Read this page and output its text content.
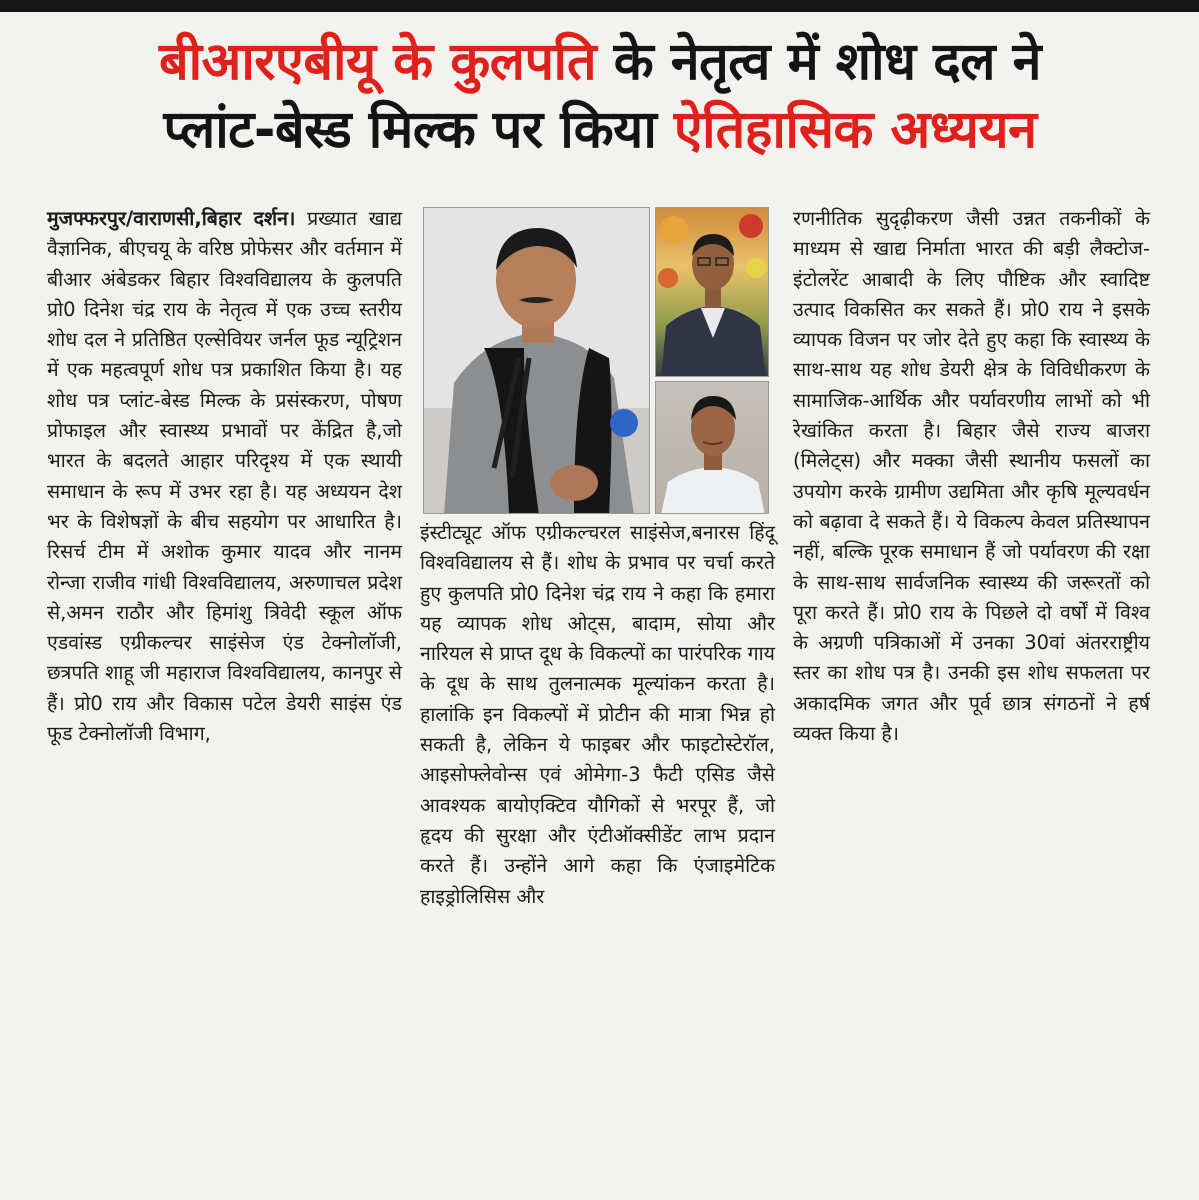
बीआरएबीयू के कुलपति के नेतृत्व में शोध दल ने
प्लांट-बेस्ड मिल्क पर किया ऐतिहासिक अध्ययन

मुजफ्फरपुर/वाराणसी,बिहार दर्शन। प्रख्यात खाद्य वैज्ञानिक, बीएचयू के वरिष्ठ प्रोफेसर और वर्तमान में बीआर अंबेडकर बिहार विश्वविद्यालय के कुलपति प्रो0 दिनेश चंद्र राय के नेतृत्व में एक उच्च स्तरीय शोध दल ने प्रतिष्ठित एल्सेवियर जर्नल फूड न्यूट्रिशन में एक महत्वपूर्ण शोध पत्र प्रकाशित किया है। यह शोध पत्र प्लांट-बेस्ड मिल्क के प्रसंस्करण, पोषण प्रोफाइल और स्वास्थ्य प्रभावों पर केंद्रित है,जो भारत के बदलते आहार परिदृश्य में एक स्थायी समाधान के रूप में उभर रहा है। यह अध्ययन देश भर के विशेषज्ञों के बीच सहयोग पर आधारित है। रिसर्च टीम में अशोक कुमार यादव और नानम रोन्जा राजीव गांधी विश्वविद्यालय, अरुणाचल प्रदेश से,अमन राठौर और हिमांशु त्रिवेदी स्कूल ऑफ एडवांस्ड एग्रीकल्चर साइंसेज एंड टेक्नोलॉजी, छत्रपति शाहू जी महाराज विश्वविद्यालय, कानपुर से हैं। प्रो0 राय और विकास पटेल डेयरी साइंस एंड फूड टेक्नोलॉजी विभाग,

इंस्टीट्यूट ऑफ एग्रीकल्चरल साइंसेज,बनारस हिंदू विश्वविद्यालय से हैं। शोध के प्रभाव पर चर्चा करते हुए कुलपति प्रो0 दिनेश चंद्र राय ने कहा कि हमारा यह व्यापक शोध ओट्स, बादाम, सोया और नारियल से प्राप्त दूध के विकल्पों का पारंपरिक गाय के दूध के साथ तुलनात्मक मूल्यांकन करता है। हालांकि इन विकल्पों में प्रोटीन की मात्रा भिन्न हो सकती है, लेकिन ये फाइबर और फाइटोस्टेरॉल, आइसोफ्लेवोन्स एवं ओमेगा-3 फैटी एसिड जैसे आवश्यक बायोएक्टिव यौगिकों से भरपूर हैं, जो हृदय की सुरक्षा और एंटीऑक्सीडेंट लाभ प्रदान करते हैं। उन्होंने आगे कहा कि एंजाइमेटिक हाइड्रोलिसिस और

रणनीतिक सुदृढ़ीकरण जैसी उन्नत तकनीकों के माध्यम से खाद्य निर्माता भारत की बड़ी लैक्टोज-इंटोलरेंट आबादी के लिए पौष्टिक और स्वादिष्ट उत्पाद विकसित कर सकते हैं। प्रो0 राय ने इसके व्यापक विजन पर जोर देते हुए कहा कि स्वास्थ्य के साथ-साथ यह शोध डेयरी क्षेत्र के विविधीकरण के सामाजिक-आर्थिक और पर्यावरणीय लाभों को भी रेखांकित करता है। बिहार जैसे राज्य बाजरा (मिलेट्स) और मक्का जैसी स्थानीय फसलों का उपयोग करके ग्रामीण उद्यमिता और कृषि मूल्यवर्धन को बढ़ावा दे सकते हैं। ये विकल्प केवल प्रतिस्थापन नहीं, बल्कि पूरक समाधान हैं जो पर्यावरण की रक्षा के साथ-साथ सार्वजनिक स्वास्थ्य की जरूरतों को पूरा करते हैं। प्रो0 राय के पिछले दो वर्षों में विश्व के अग्रणी पत्रिकाओं में उनका 30वां अंतरराष्ट्रीय स्तर का शोध पत्र है। उनकी इस शोध सफलता पर अकादमिक जगत और पूर्व छात्र संगठनों ने हर्ष व्यक्त किया है।
